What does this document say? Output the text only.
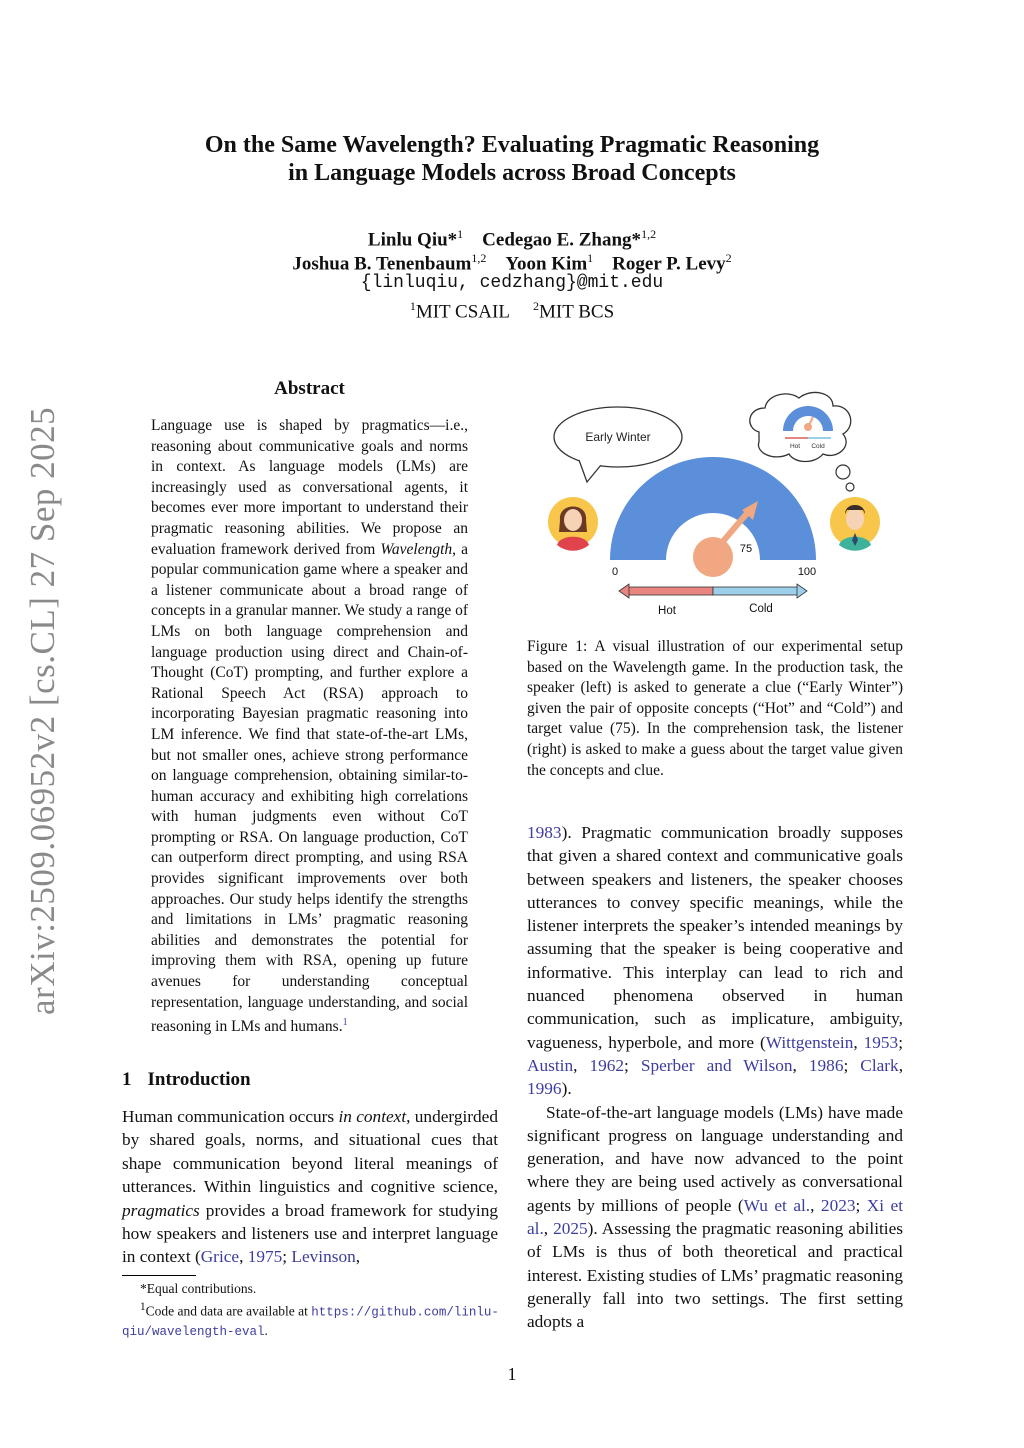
arXiv:2509.06952v2 [cs.CL] 27 Sep 2025
On the Same Wavelength? Evaluating Pragmatic Reasoning
in Language Models across Broad Concepts
Linlu Qiu*$^1$ Cedegao E. Zhang*$^{1,2}$
Joshua B. Tenenbaum$^{1,2}$ Yoon Kim$^1$ Roger P. Levy$^2$
{linluqiu, cedzhang}@mit.edu
$^1$MIT CSAIL $^2$MIT BCS
Abstract
Language use is shaped by pragmatics—i.e., reasoning about communicative goals and norms in context. As language models (LMs) are increasingly used as conversational agents, it becomes ever more important to understand their pragmatic reasoning abilities. We propose an evaluation framework derived from Wavelength, a popular communication game where a speaker and a listener communicate about a broad range of concepts in a granular manner. We study a range of LMs on both language comprehension and language production using direct and Chain-of-Thought (CoT) prompting, and further explore a Rational Speech Act (RSA) approach to incorporating Bayesian pragmatic reasoning into LM inference. We find that state-of-the-art LMs, but not smaller ones, achieve strong performance on language comprehension, obtaining similar-to-human accuracy and exhibiting high correlations with human judgments even without CoT prompting or RSA. On language production, CoT can outperform direct prompting, and using RSA provides significant improvements over both approaches. Our study helps identify the strengths and limitations in LMs’ pragmatic reasoning abilities and demonstrates the potential for improving them with RSA, opening up future avenues for understanding conceptual representation, language understanding, and social reasoning in LMs and humans.$^1$
1 Introduction
Human communication occurs in context, undergirded by shared goals, norms, and situational cues that shape communication beyond literal meanings of utterances. Within linguistics and cognitive science, pragmatics provides a broad framework for studying how speakers and listeners use and interpret language in context (Grice, 1975; Levinson,
*Equal contributions.
$^1$Code and data are available at https://github.com/linlu-qiu/wavelength-eval.
Early Winter
Hot Cold
75
0	100
Hot	Cold
Figure 1: A visual illustration of our experimental setup based on the Wavelength game. In the production task, the speaker (left) is asked to generate a clue (“Early Winter”) given the pair of opposite concepts (“Hot” and “Cold”) and target value (75). In the comprehension task, the listener (right) is asked to make a guess about the target value given the concepts and clue.

1983). Pragmatic communication broadly supposes that given a shared context and communicative goals between speakers and listeners, the speaker chooses utterances to convey specific meanings, while the listener interprets the speaker’s intended meanings by assuming that the speaker is being cooperative and informative. This interplay can lead to rich and nuanced phenomena observed in human communication, such as implicature, ambiguity, vagueness, hyperbole, and more (Wittgenstein, 1953; Austin, 1962; Sperber and Wilson, 1986; Clark, 1996).

State-of-the-art language models (LMs) have made significant progress on language understanding and generation, and have now advanced to the point where they are being used actively as conversational agents by millions of people (Wu et al., 2023; Xi et al., 2025). Assessing the pragmatic reasoning abilities of LMs is thus of both theoretical and practical interest. Existing studies of LMs’ pragmatic reasoning generally fall into two settings. The first setting adopts a

1
